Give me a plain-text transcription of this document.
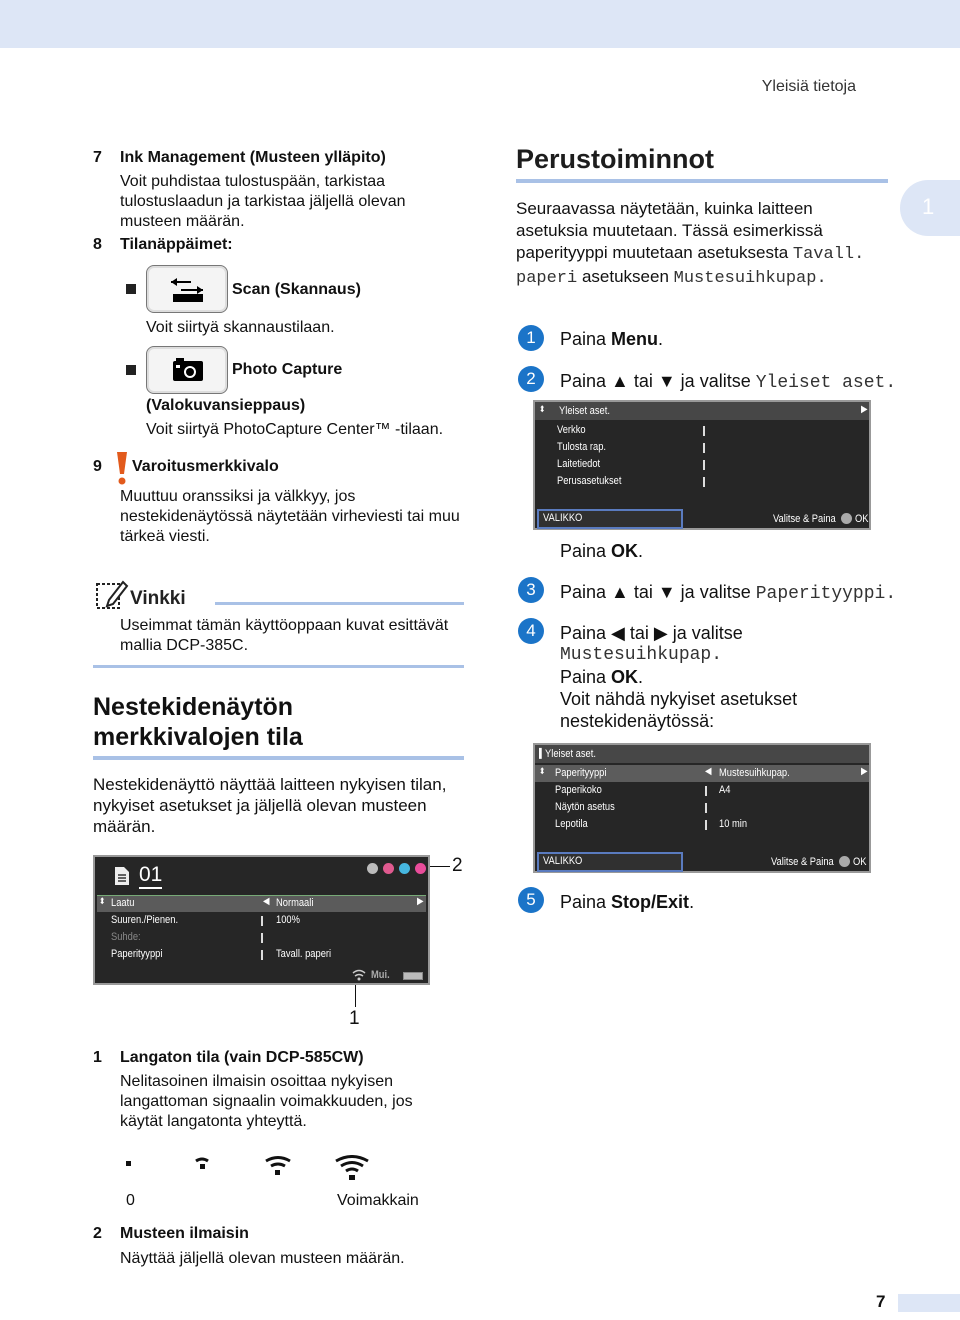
Yleisiä tietoja
1
7 Ink Management (Musteen ylläpito)
Voit puhdistaa tulostuspään, tarkistaa tulostuslaadun ja tarkistaa jäljellä olevan musteen määrän.
8 Tilanäppäimet:
Scan (Skannaus)
Voit siirtyä skannaustilaan.
Photo Capture
(Valokuvansieppaus)
Voit siirtyä PhotoCapture Center™ -tilaan.
9 Varoitusmerkkivalo
Muuttuu oranssiksi ja välkkyy, jos nestekidenäytössä näytetään virheviesti tai muu tärkeä viesti.
Vinkki
Useimmat tämän käyttöoppaan kuvat esittävät mallia DCP-385C.
Nestekidenäytön
merkkivalojen tila
Nestekidenäyttö näyttää laitteen nykyisen tilan, nykyiset asetukset ja jäljellä olevan musteen määrän.
01
⬍ Laatu	◀ Normaali	▶
Suuren./Pienen.	100%
Suhde:
Paperityyppi	Tavall. paperi
Mui.
2
1
1 Langaton tila (vain DCP-585CW)
Nelitasoinen ilmaisin osoittaa nykyisen langattoman signaalin voimakkuuden, jos käytät langatonta yhteyttä.
0	Voimakkain
2 Musteen ilmaisin
Näyttää jäljellä olevan musteen määrän.
Perustoiminnot
Seuraavassa näytetään, kuinka laitteen asetuksia muutetaan. Tässä esimerkissä paperityyppi muutetaan asetuksesta Tavall. paperi asetukseen Mustesuihkupap.
1	Paina Menu.
2	Paina ▲ tai ▼ ja valitse Yleiset aset.
⬍ Yleiset aset.	▶
Verkko
Tulosta rap.
Laitetiedot
Perusasetukset
VALIKKO	Valitse & Paina OK
Paina OK.
3	Paina ▲ tai ▼ ja valitse Paperityyppi.
4	Paina ◀ tai ▶ ja valitse
Mustesuihkupap.
Paina OK.
Voit nähdä nykyiset asetukset nestekidenäytössä:
▌ Yleiset aset.
⬍ Paperityyppi	◀ Mustesuihkupap.	▶
Paperikoko	A4
Näytön asetus
Lepotila	10 min
VALIKKO	Valitse & Paina OK
5	Paina Stop/Exit.
7
